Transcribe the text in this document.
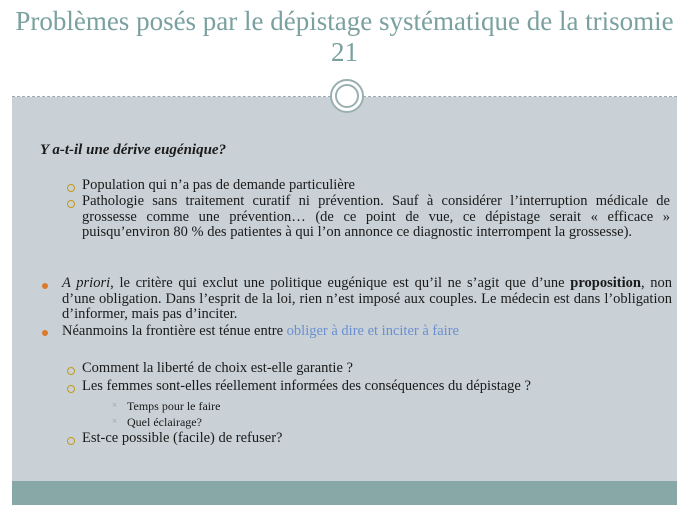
Problèmes posés par le dépistage systématique de la trisomie 21
Y a-t-il une dérive eugénique?
Population qui n’a pas de demande particulière
Pathologie sans traitement curatif ni prévention. Sauf à considérer l’interruption médicale de grossesse comme une prévention… (de ce point de vue, ce dépistage serait « efficace » puisqu’environ 80 % des patientes à qui l’on annonce ce diagnostic interrompent la grossesse).
A priori, le critère qui exclut une politique eugénique est qu’il ne s’agit que d’une proposition, non d’une obligation. Dans l’esprit de la loi, rien n’est imposé aux couples. Le médecin est dans l’obligation d’informer, mais pas d’inciter.
Néanmoins la frontière est ténue entre obliger à dire et inciter à faire
Comment la liberté de choix est-elle garantie ?
Les femmes sont-elles réellement informées des conséquences du dépistage ?
× Temps pour le faire
× Quel éclairage?
Est-ce possible (facile) de refuser?
